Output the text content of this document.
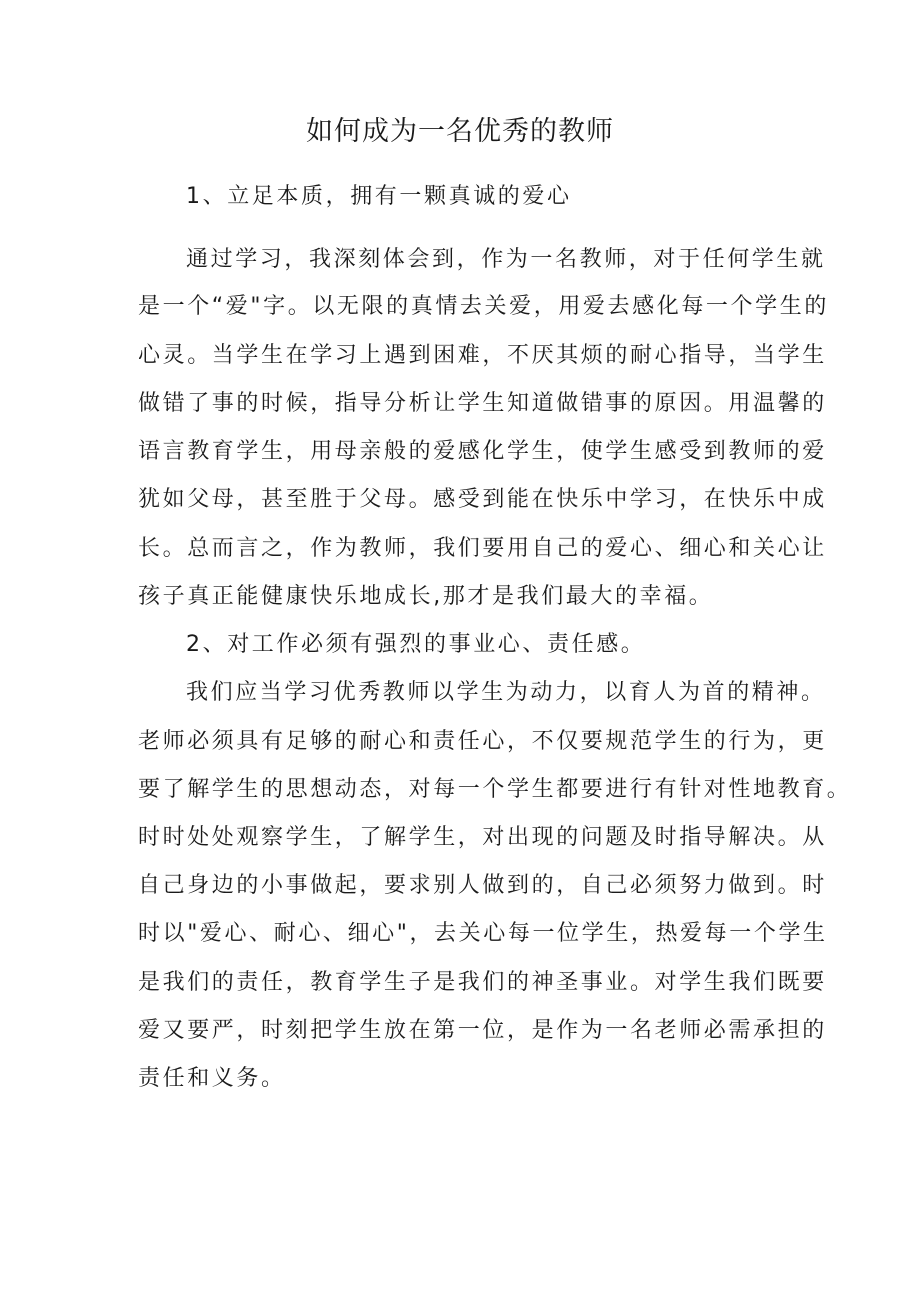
如何成为一名优秀的教师
1、立足本质，拥有一颗真诚的爱心
通过学习，我深刻体会到，作为一名教师，对于任何学生就
是一个“爱"字。以无限的真情去关爱，用爱去感化每一个学生的
心灵。当学生在学习上遇到困难，不厌其烦的耐心指导，当学生
做错了事的时候，指导分析让学生知道做错事的原因。用温馨的
语言教育学生，用母亲般的爱感化学生，使学生感受到教师的爱
犹如父母，甚至胜于父母。感受到能在快乐中学习，在快乐中成
长。总而言之，作为教师，我们要用自己的爱心、细心和关心让
孩子真正能健康快乐地成长,那才是我们最大的幸福。
2、对工作必须有强烈的事业心、责任感。
我们应当学习优秀教师以学生为动力，以育人为首的精神。
老师必须具有足够的耐心和责任心，不仅要规范学生的行为，更
要了解学生的思想动态，对每一个学生都要进行有针对性地教育。
时时处处观察学生，了解学生，对出现的问题及时指导解决。从
自己身边的小事做起，要求别人做到的，自己必须努力做到。时
时以"爱心、耐心、细心"，去关心每一位学生，热爱每一个学生
是我们的责任，教育学生子是我们的神圣事业。对学生我们既要
爱又要严，时刻把学生放在第一位，是作为一名老师必需承担的
责任和义务。
